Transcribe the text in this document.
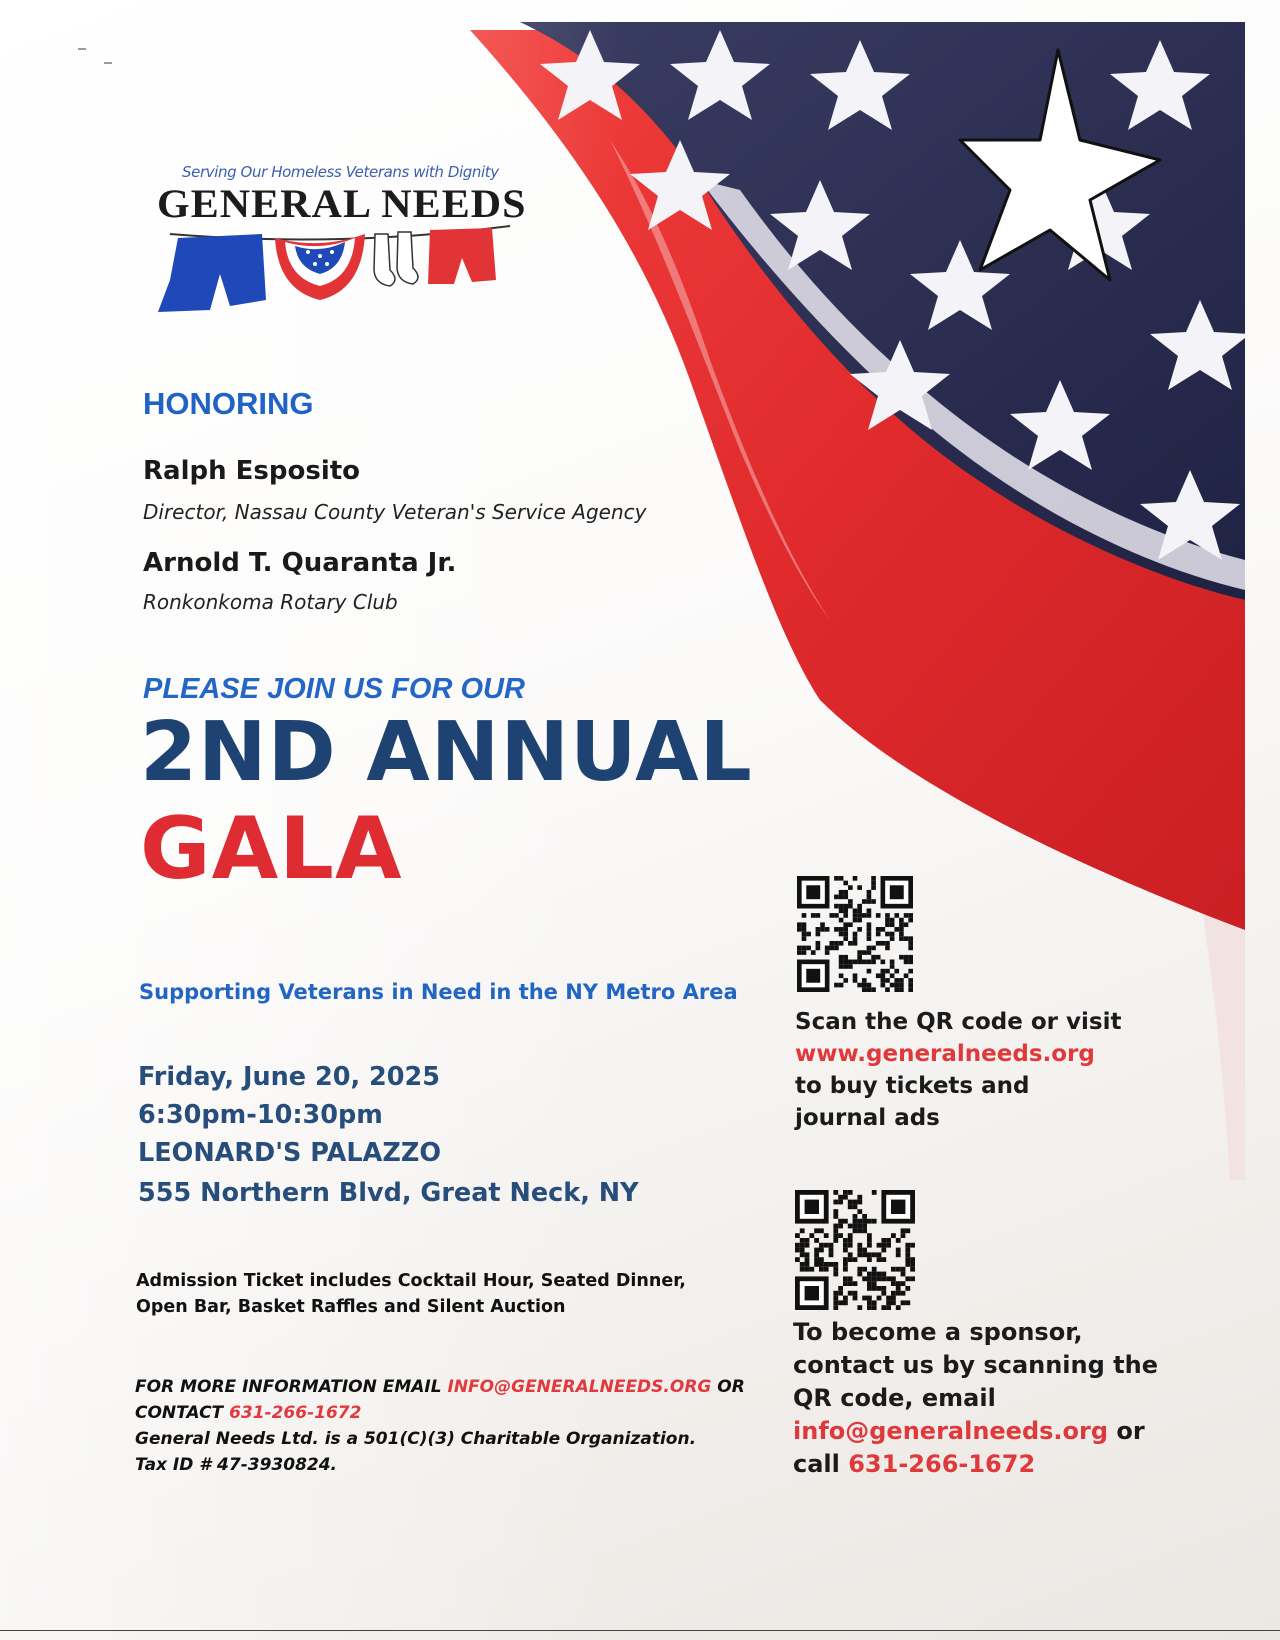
Serving Our Homeless Veterans with Dignity
GENERAL NEEDS
HONORING
Ralph Esposito
Director, Nassau County Veteran's Service Agency
Arnold T. Quaranta Jr.
Ronkonkoma Rotary Club
PLEASE JOIN US FOR OUR
2ND ANNUAL
GALA
Supporting Veterans in Need in the NY Metro Area
Friday, June 20, 2025
6:30pm-10:30pm
LEONARD'S PALAZZO
555 Northern Blvd, Great Neck, NY
Admission Ticket includes Cocktail Hour, Seated Dinner,
Open Bar, Basket Raffles and Silent Auction
FOR MORE INFORMATION EMAIL INFO@GENERALNEEDS.ORG OR
CONTACT 631-266-1672
General Needs Ltd. is a 501(C)(3) Charitable Organization.
Tax ID # 47-3930824.
Scan the QR code or visit
www.generalneeds.org
to buy tickets and
journal ads
To become a sponsor,
contact us by scanning the
QR code, email
info@generalneeds.org or
call 631-266-1672
